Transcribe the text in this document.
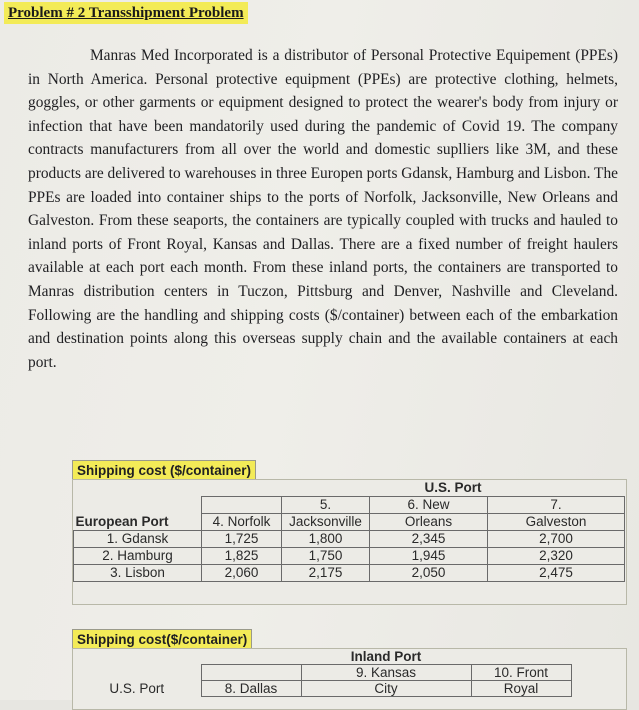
Problem # 2 Transshipment Problem

Manras Med Incorporated is a distributor of Personal Protective Equipement (PPEs) in North America. Personal protective equipment (PPEs) are protective clothing, helmets, goggles, or other garments or equipment designed to protect the wearer's body from injury or infection that have been mandatorily used during the pandemic of Covid 19. The company contracts manufacturers from all over the world and domestic suplliers like 3M, and these products are delivered to warehouses in three Europen ports Gdansk, Hamburg and Lisbon. The PPEs are loaded into container ships to the ports of Norfolk, Jacksonville, New Orleans and Galveston. From these seaports, the containers are typically coupled with trucks and hauled to inland ports of Front Royal, Kansas and Dallas. There are a fixed number of freight haulers available at each port each month. From these inland ports, the containers are transported to Manras distribution centers in Tuczon, Pittsburg and Denver, Nashville and Cleveland. Following are the handling and shipping costs ($/container) between each of the embarkation and destination points along this overseas supply chain and the available containers at each port.

Shipping cost ($/container)
		U.S. Port		
		5.	6. New	7.
European Port	4. Norfolk	Jacksonville	Orleans	Galveston
1. Gdansk	1,725	1,800	2,345	2,700
2. Hamburg	1,825	1,750	1,945	2,320
3. Lisbon	2,060	2,175	2,050	2,475
Shipping cost($/container)
		Inland Port	
		9. Kansas	10. Front
U.S. Port	8. Dallas	City	Royal
